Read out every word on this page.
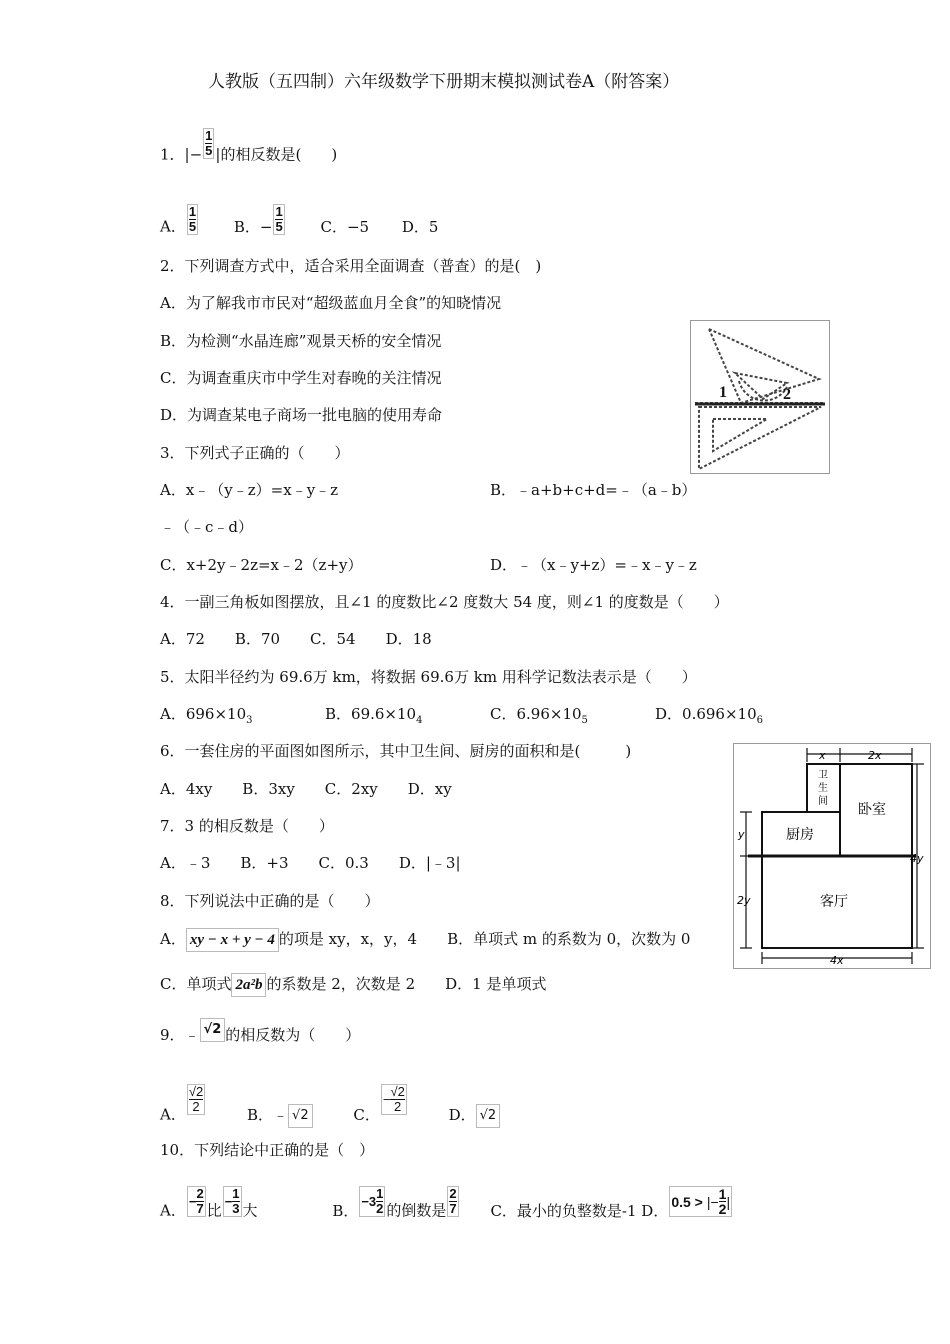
人教版（五四制）六年级数学下册期末模拟测试卷A（附答案）
1．|− $\frac{1}{5}$ |的相反数是(　　)
A． $\frac{1}{5}$ B．− $\frac{1}{5}$ C．−5 D．5
2．下列调查方式中，适合采用全面调查（普查）的是(　)
A．为了解我市市民对“超级蓝血月全食”的知晓情况
B．为检测“水晶连廊”观景天桥的安全情况
C．为调查重庆市中学生对春晚的关注情况
D．为调查某电子商场一批电脑的使用寿命
1	2
3．下列式子正确的（　　）
A．x﹣（y﹣z）=x﹣y﹣z	B．﹣a+b+c+d=﹣（a﹣b）
﹣（﹣c﹣d）
C．x+2y﹣2z=x﹣2（z+y）	D．﹣（x﹣y+z）=﹣x﹣y﹣z
4．一副三角板如图摆放，且∠1 的度数比∠2 度数大 54 度，则∠1 的度数是（　　）
A．72　　B．70　　C．54　　D．18
5．太阳半径约为 69.6万 km，将数据 69.6万 km 用科学记数法表示是（　　）
A．$696\times 10_3$	B．$69.6\times 10_4$	C．$6.96\times 10_5$	D．$0.696\times 10_6$
x	2x
4y
y
2y
4x
卫
生
间
卧室
厨房
客厅
6．一套住房的平面图如图所示，其中卫生间、厨房的面积和是(　　　)
A．4xy　　B．3xy　　C．2xy　　D．xy
7．3 的相反数是（　　）
A．﹣3　　B．+3　　C．0.3　　D．|﹣3|
8．下列说法中正确的是（　　）
A． xy − x + y − 4 的项是 xy，x，y，4　　B．单项式 m 的系数为 0，次数为 0
C．单项式 2a²b 的系数是 2，次数是 2　　D．1 是单项式
9．﹣ √2 的相反数为（　　）
A． $\frac{√2}{2}$	B．﹣ √2	C．
− √2
2	D． √2
10．下列结论中正确的是（　）
A．
− 2
7 比
− 1
3 大	B．
−3 1
2 的倒数是 $\frac{2}{7}$ C．最小的负整数是-1 D． 0.5 > |− 1
2 |
